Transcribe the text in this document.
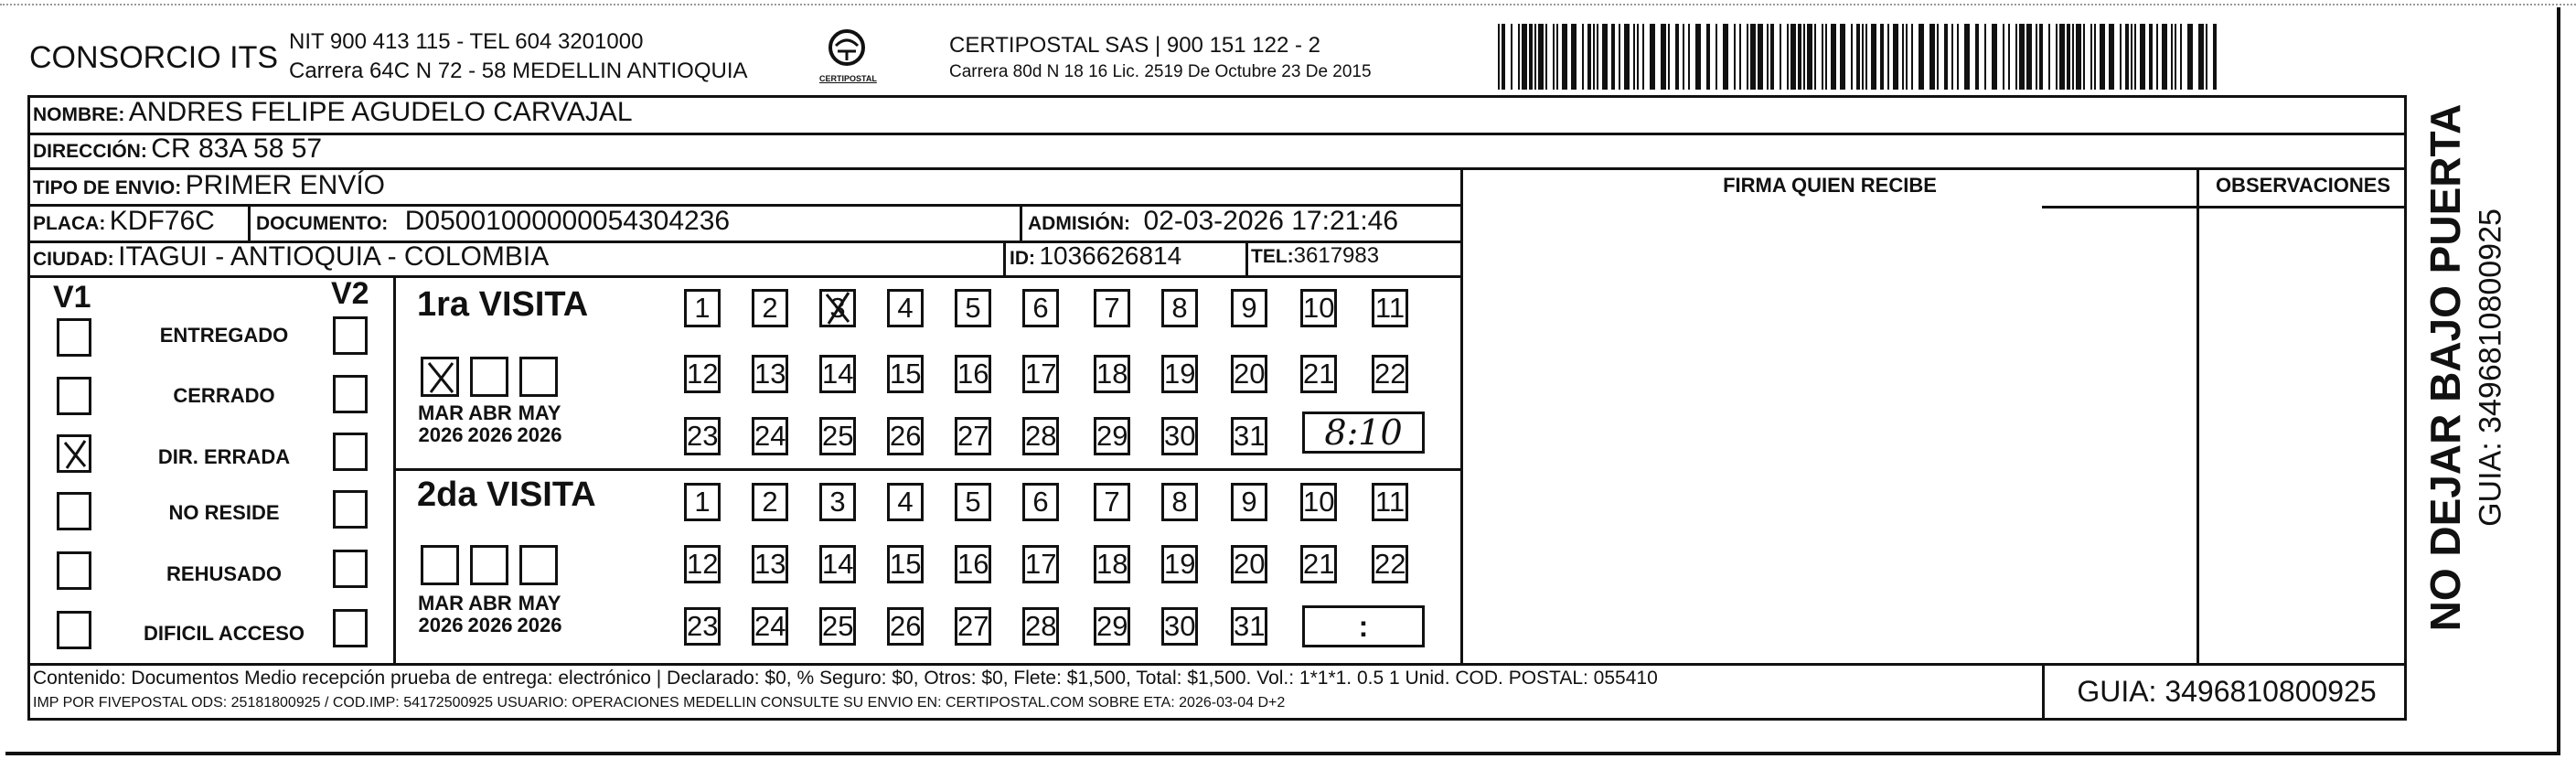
CONSORCIO ITS NIT 900 413 115 - TEL 604 3201000
Carrera 64C N 72 - 58 MEDELLIN ANTIOQUIA	CERTIPOSTAL
CERTIPOSTAL SAS | 900 151 122 - 2
Carrera 80d N 18 16 Lic. 2519 De Octubre 23 De 2015
NOMBRE: ANDRES FELIPE AGUDELO CARVAJAL
DIRECCIÓN: CR 83A 58 57
TIPO DE ENVIO: PRIMER ENVÍO
PLACA: KDF76C DOCUMENTO: D05001000000054304236	ADMISIÓN: 02-03-2026 17:21:46
CIUDAD: ITAGUI - ANTIOQUIA - COLOMBIA	ID: 1036626814	TEL:3617983
FIRMA QUIEN RECIBE	OBSERVACIONES
V1	V2
ENTREGADO
CERRADO
DIR. ERRADA
NO RESIDE
REHUSADO
DIFICIL ACCESO
1ra VISITA
2da VISITA
MAR
2026
ABR
2026
MAY
2026
MAR
2026
ABR
2026
MAY
2026
1	2	3	4	5	6	7	8	9	10 11
12 13 14 15 16 17 18 19 20 21 22
23 24 25 26 27 28 29 30 31
1	2	3	4	5	6	7	8	9	10 11
12 13 14 15 16 17 18 19 20 21 22
23 24 25 26 27 28 29 30 31
8:10
:
Contenido: Documentos Medio recepción prueba de entrega: electrónico | Declarado: $0, % Seguro: $0, Otros: $0, Flete: $1,500, Total: $1,500. Vol.: 1*1*1. 0.5 1 Unid. COD. POSTAL: 055410
IMP POR FIVEPOSTAL ODS: 25181800925 / COD.IMP: 54172500925 USUARIO: OPERACIONES MEDELLIN CONSULTE SU ENVIO EN: CERTIPOSTAL.COM SOBRE ETA: 2026-03-04 D+2	GUIA: 3496810800925
NO DEJAR BAJO PUERTA GUIA: 3496810800925
